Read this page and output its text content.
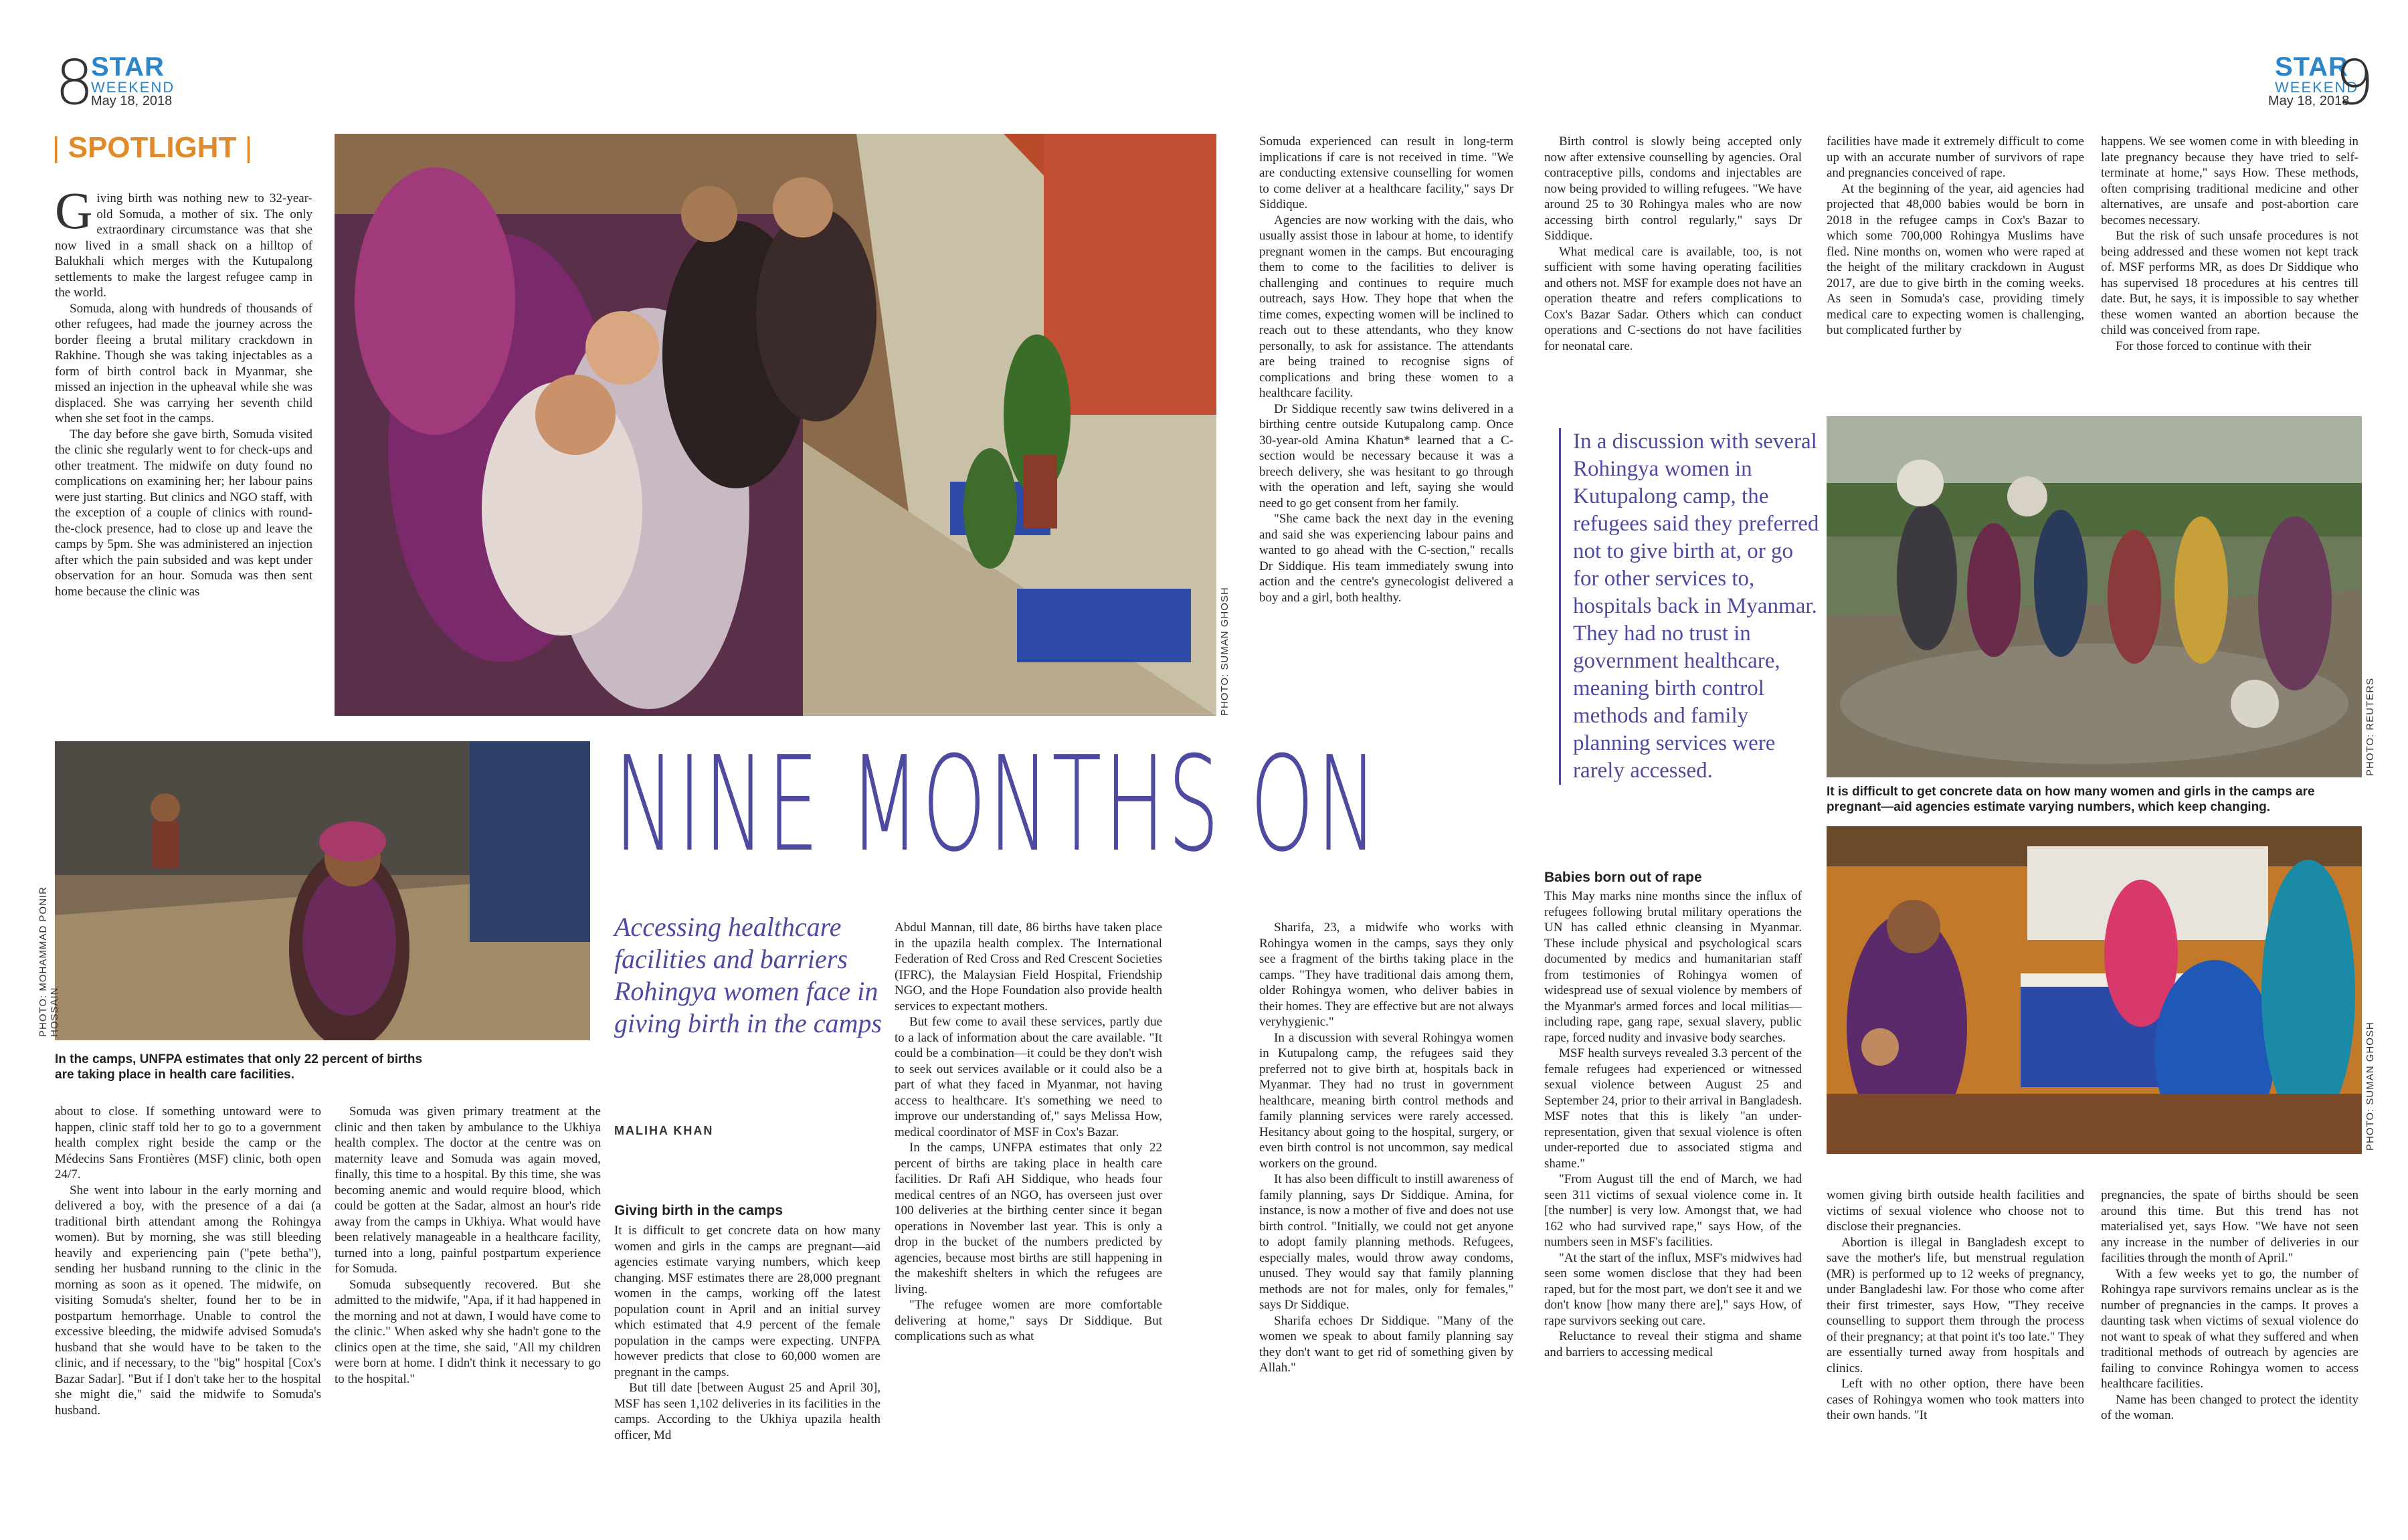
8
STAR
WEEKEND
May 18, 2018
| SPOTLIGHT |
STAR
WEEKEND
May 18, 2018
9

Giving birth was nothing new to 32-year-old Somuda, a mother of six. The only extraordinary circumstance was that she now lived in a small shack on a hilltop of Balukhali which merges with the Kutupalong settlements to make the largest refugee camp in the world.

Somuda, along with hundreds of thousands of other refugees, had made the journey across the border fleeing a brutal military crackdown in Rakhine. Though she was taking injectables as a form of birth control back in Myanmar, she missed an injection in the upheaval while she was displaced. She was carrying her seventh child when she set foot in the camps.

The day before she gave birth, Somuda visited the clinic she regularly went to for check-ups and other treatment. The midwife on duty found no complications on examining her; her labour pains were just starting. But clinics and NGO staff, with the exception of a couple of clinics with round-the-clock presence, had to close up and leave the camps by 5pm. She was administered an injection after which the pain subsided and was kept under observation for an hour. Somuda was then sent home because the clinic was	PHOTO: SUMAN GHOSH
PHOTO: MOHAMMAD PONIR HOSSAIN
In the camps, UNFPA estimates that only 22 percent of births are taking place in health care facilities.
NINE MONTHS ON
Accessing healthcare facilities and barriers Rohingya women face in giving birth in the camps
MALIHA KHAN

about to close. If something untoward were to happen, clinic staff told her to go to a government health complex right beside the camp or the Médecins Sans Frontières (MSF) clinic, both open 24/7.

She went into labour in the early morning and delivered a boy, with the presence of a dai (a traditional birth attendant among the Rohingya women). But by morning, she was still bleeding heavily and experiencing pain ("pete betha"), sending her husband running to the clinic in the morning as soon as it opened. The midwife, on visiting Somuda's shelter, found her to be in postpartum hemorrhage. Unable to control the excessive bleeding, the midwife advised Somuda's husband that she would have to be taken to the clinic, and if necessary, to the "big" hospital [Cox's Bazar Sadar]. "But if I don't take her to the hospital she might die," said the midwife to Somuda's husband.

Somuda was given primary treatment at the clinic and then taken by ambulance to the Ukhiya health complex. The doctor at the centre was on maternity leave and Somuda was again moved, finally, this time to a hospital. By this time, she was becoming anemic and would require blood, which could be gotten at the Sadar, almost an hour's ride away from the camps in Ukhiya. What would have been relatively manageable in a healthcare facility, turned into a long, painful postpartum experience for Somuda.

Somuda subsequently recovered. But she admitted to the midwife, "Apa, if it had happened in the morning and not at dawn, I would have come to the clinic." When asked why she hadn't gone to the clinics open at the time, she said, "All my children were born at home. I didn't think it necessary to go to the hospital."

Giving birth in the camps

It is difficult to get concrete data on how many women and girls in the camps are pregnant—aid agencies estimate varying numbers, which keep changing. MSF estimates there are 28,000 pregnant women in the camps, working off the latest population count in April and an initial survey which estimated that 4.9 percent of the female population in the camps were expecting. UNFPA however predicts that close to 60,000 women are pregnant in the camps.

But till date [between August 25 and April 30], MSF has seen 1,102 deliveries in its facilities in the camps. According to the Ukhiya upazila health officer, Md

Abdul Mannan, till date, 86 births have taken place in the upazila health complex. The International Federation of Red Cross and Red Crescent Societies (IFRC), the Malaysian Field Hospital, Friendship NGO, and the Hope Foundation also provide health services to expectant mothers.

But few come to avail these services, partly due to a lack of information about the care available. "It could be a combination—it could be they don't wish to seek out services available or it could also be a part of what they faced in Myanmar, not having access to healthcare. It's something we need to improve our understanding of," says Melissa How, medical coordinator of MSF in Cox's Bazar.

In the camps, UNFPA estimates that only 22 percent of births are taking place in health care facilities. Dr Rafi AH Siddique, who heads four medical centres of an NGO, has overseen just over 100 deliveries at the birthing center since it began operations in November last year. This is only a drop in the bucket of the numbers predicted by agencies, because most births are still happening in the makeshift shelters in which the refugees are living.

"The refugee women are more comfortable delivering at home," says Dr Siddique. But complications such as what

Somuda experienced can result in long-term implications if care is not received in time. "We are conducting extensive counselling for women to come deliver at a healthcare facility," says Dr Siddique.

Agencies are now working with the dais, who usually assist those in labour at home, to identify pregnant women in the camps. But encouraging them to come to the facilities to deliver is challenging and continues to require much outreach, says How. They hope that when the time comes, expecting women will be inclined to reach out to these attendants, who they know personally, to ask for assistance. The attendants are being trained to recognise signs of complications and bring these women to a healthcare facility.

Dr Siddique recently saw twins delivered in a birthing centre outside Kutupalong camp. Once 30-year-old Amina Khatun* learned that a C-section would be necessary because it was a breech delivery, she was hesitant to go through with the operation and left, saying she would need to go get consent from her family.

"She came back the next day in the evening and said she was experiencing labour pains and wanted to go ahead with the C-section," recalls Dr Siddique. His team immediately swung into action and the centre's gynecologist delivered a boy and a girl, both healthy.

Sharifa, 23, a midwife who works with Rohingya women in the camps, says they only see a fragment of the births taking place in the camps. "They have traditional dais among them, older Rohingya women, who deliver babies in their homes. They are effective but are not always veryhygienic."

In a discussion with several Rohingya women in Kutupalong camp, the refugees said they preferred not to give birth at, hospitals back in Myanmar. They had no trust in government healthcare, meaning birth control methods and family planning services were rarely accessed. Hesitancy about going to the hospital, surgery, or even birth control is not uncommon, say medical workers on the ground.

It has also been difficult to instill awareness of family planning, says Dr Siddique. Amina, for instance, is now a mother of five and does not use birth control. "Initially, we could not get anyone to adopt family planning methods. Refugees, especially males, would throw away condoms, unused. They would say that family planning methods are not for males, only for females," says Dr Siddique.

Sharifa echoes Dr Siddique. "Many of the women we speak to about family planning say they don't want to get rid of something given by Allah."

Birth control is slowly being accepted only now after extensive counselling by agencies. Oral contraceptive pills, condoms and injectables are now being provided to willing refugees. "We have around 25 to 30 Rohingya males who are now accessing birth control regularly," says Dr Siddique.

What medical care is available, too, is not sufficient with some having operating facilities and others not. MSF for example does not have an operation theatre and refers complications to Cox's Bazar Sadar. Others which can conduct operations and C-sections do not have facilities for neonatal care.

In a discussion with several Rohingya women in Kutupalong camp, the refugees said they preferred not to give birth at, or go for other services to, hospitals back in Myanmar. They had no trust in government healthcare, meaning birth control methods and family planning services were rarely accessed.
Babies born out of rape

This May marks nine months since the influx of refugees following brutal military operations the UN has called ethnic cleansing in Myanmar. These include physical and psychological scars documented by medics and humanitarian staff from testimonies of Rohingya women of widespread use of sexual violence by members of the Myanmar's armed forces and local militias—including rape, gang rape, sexual slavery, public rape, forced nudity and invasive body searches.

MSF health surveys revealed 3.3 percent of the female refugees had experienced or witnessed sexual violence between August 25 and September 24, prior to their arrival in Bangladesh. MSF notes that this is likely "an under-representation, given that sexual violence is often under-reported due to associated stigma and shame."

"From August till the end of March, we had seen 311 victims of sexual violence come in. It [the number] is very low. Amongst that, we had 162 who had survived rape," says How, of the numbers seen in MSF's facilities.

"At the start of the influx, MSF's midwives had seen some women disclose that they had been raped, but for the most part, we don't see it and we don't know [how many there are]," says How, of rape survivors seeking out care.

Reluctance to reveal their stigma and shame and barriers to accessing medical

facilities have made it extremely difficult to come up with an accurate number of survivors of rape and pregnancies conceived of rape.

At the beginning of the year, aid agencies had projected that 48,000 babies would be born in 2018 in the refugee camps in Cox's Bazar to which some 700,000 Rohingya Muslims have fled. Nine months on, women who were raped at the height of the military crackdown in August 2017, are due to give birth in the coming weeks. As seen in Somuda's case, providing timely medical care to expecting women is challenging, but complicated further by

happens. We see women come in with bleeding in late pregnancy because they have tried to self-terminate at home," says How. These methods, often comprising traditional medicine and other alternatives, are unsafe and post-abortion care becomes necessary.

But the risk of such unsafe procedures is not being addressed and these women not kept track of. MSF performs MR, as does Dr Siddique who has supervised 18 procedures at his centres till date. But, he says, it is impossible to say whether these women wanted an abortion because the child was conceived from rape.

For those forced to continue with their

PHOTO: REUTERS
It is difficult to get concrete data on how many women and girls in the camps are pregnant—aid agencies estimate varying numbers, which keep changing.
PHOTO: SUMAN GHOSH

women giving birth outside health facilities and victims of sexual violence who choose not to disclose their pregnancies.

Abortion is illegal in Bangladesh except to save the mother's life, but menstrual regulation (MR) is performed up to 12 weeks of pregnancy, under Bangladeshi law. For those who come after their first trimester, says How, "They receive counselling to support them through the process of their pregnancy; at that point it's too late." They are essentially turned away from hospitals and clinics.

Left with no other option, there have been cases of Rohingya women who took matters into their own hands. "It

pregnancies, the spate of births should be seen around this time. But this trend has not materialised yet, says How. "We have not seen any increase in the number of deliveries in our facilities through the month of April."

With a few weeks yet to go, the number of Rohingya rape survivors remains unclear as is the number of pregnancies in the camps. It proves a daunting task when victims of sexual violence do not want to speak of what they suffered and when traditional methods of outreach by agencies are failing to convince Rohingya women to access healthcare facilities.

Name has been changed to protect the identity of the woman.
